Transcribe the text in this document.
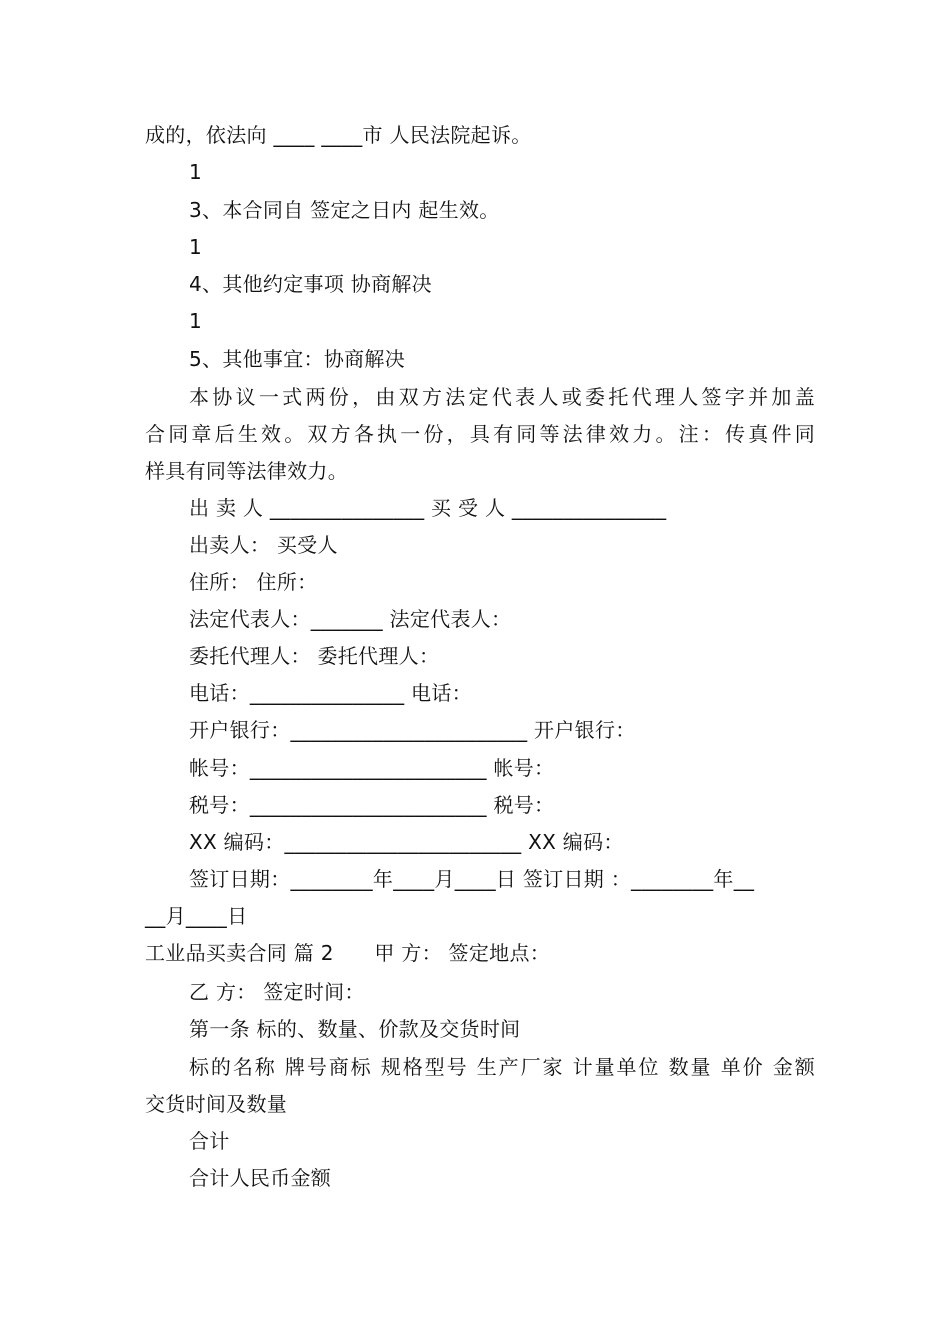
成的，依法向 ____ ____市 人民法院起诉。
1
3、本合同自 签定之日内 起生效。
1
4、其他约定事项 协商解决
1
5、其他事宜：协商解决
本协议一式两份，由双方法定代表人或委托代理人签字并加盖
合同章后生效。双方各执一份，具有同等法律效力。注：传真件同
样具有同等法律效力。
出 卖 人 _______________ 买 受 人 _______________
出卖人： 买受人
住所： 住所：
法定代表人：_______ 法定代表人：
委托代理人： 委托代理人：
电话：_______________ 电话：
开户银行：_______________________ 开户银行：
帐号：_______________________ 帐号：
税号：_______________________ 税号：
XX 编码：_______________________ XX 编码：
签订日期：________年____月____日 签订日期 ：________年__
__月____日
工业品买卖合同 篇 2　　甲 方： 签定地点：
乙 方： 签定时间：
第一条 标的、数量、价款及交货时间
标的名称 牌号商标 规格型号 生产厂家 计量单位 数量 单价 金额
交货时间及数量
合计
合计人民币金额
